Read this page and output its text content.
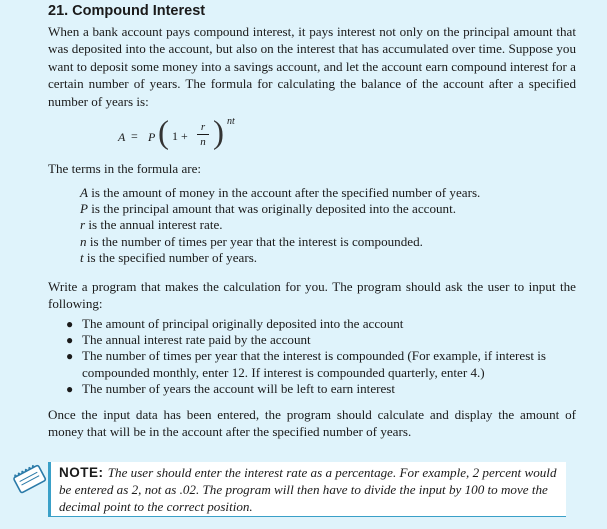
21. Compound Interest
When a bank account pays compound interest, it pays interest not only on the principal amount that was deposited into the account, but also on the interest that has accumulated over time. Suppose you want to deposit some money into a savings account, and let the account earn compound interest for a certain number of years. The formula for calculating the balance of the account after a specified number of years is:
A = P ( 1 +
r
n ) nt
The terms in the formula are:
A is the amount of money in the account after the specified number of years.
P is the principal amount that was originally deposited into the account.
r is the annual interest rate.
n is the number of times per year that the interest is compounded.
t is the specified number of years.
Write a program that makes the calculation for you. The program should ask the user to input the following:
● The amount of principal originally deposited into the account
● The annual interest rate paid by the account
● The number of times per year that the interest is compounded (For example, if interest is compounded monthly, enter 12. If interest is compounded quarterly, enter 4.)
● The number of years the account will be left to earn interest
Once the input data has been entered, the program should calculate and display the amount of money that will be in the account after the specified number of years.
NOTE: The user should enter the interest rate as a percentage. For example, 2 percent would be entered as 2, not as .02. The program will then have to divide the input by 100 to move the decimal point to the correct position.
